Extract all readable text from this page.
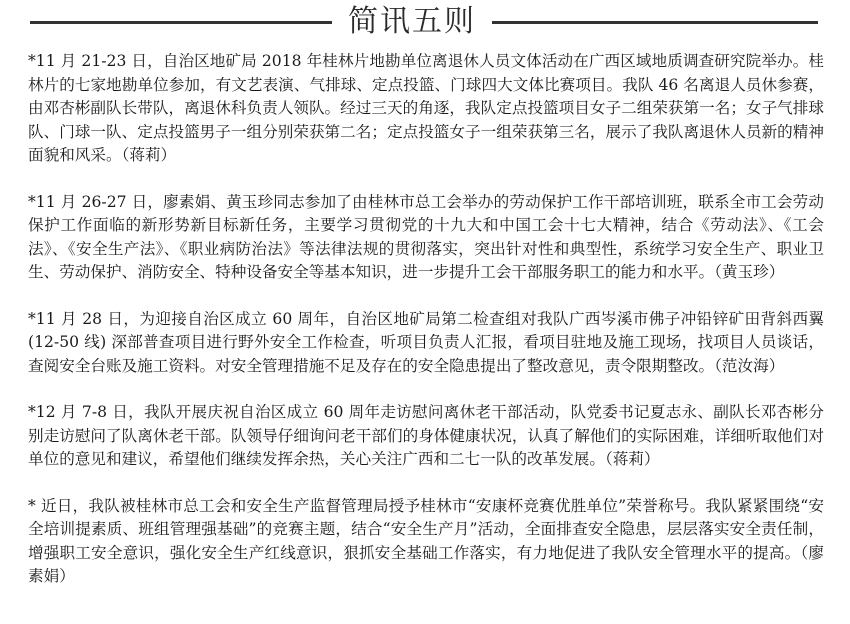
简讯五则

*11 月 21-23 日，自治区地矿局 2018 年桂林片地勘单位离退休人员文体活动在广西区域地质调查研究院举办。桂林片的七家地勘单位参加，有文艺表演、气排球、定点投篮、门球四大文体比赛项目。我队 46 名离退人员休参赛，由邓杏彬副队长带队，离退休科负责人领队。经过三天的角逐，我队定点投篮项目女子二组荣获第一名；女子气排球队、门球一队、定点投篮男子一组分别荣获第二名；定点投篮女子一组荣获第三名，展示了我队离退休人员新的精神面貌和风采。（蒋莉）

*11 月 26-27 日，廖素娟、黄玉珍同志参加了由桂林市总工会举办的劳动保护工作干部培训班，联系全市工会劳动保护工作面临的新形势新目标新任务，主要学习贯彻党的十九大和中国工会十七大精神，结合《劳动法》、《工会法》、《安全生产法》、《职业病防治法》等法律法规的贯彻落实，突出针对性和典型性，系统学习安全生产、职业卫生、劳动保护、消防安全、特种设备安全等基本知识，进一步提升工会干部服务职工的能力和水平。（黄玉珍）

*11 月 28 日，为迎接自治区成立 60 周年，自治区地矿局第二检查组对我队广西岑溪市佛子冲铅锌矿田背斜西翼 (12-50 线) 深部普查项目进行野外安全工作检查，听项目负责人汇报，看项目驻地及施工现场，找项目人员谈话，查阅安全台账及施工资料。对安全管理措施不足及存在的安全隐患提出了整改意见，责令限期整改。（范汝海）

*12 月 7-8 日，我队开展庆祝自治区成立 60 周年走访慰问离休老干部活动，队党委书记夏志永、副队长邓杏彬分别走访慰问了队离休老干部。队领导仔细询问老干部们的身体健康状况，认真了解他们的实际困难，详细听取他们对单位的意见和建议，希望他们继续发挥余热，关心关注广西和二七一队的改革发展。（蒋莉）

* 近日，我队被桂林市总工会和安全生产监督管理局授予桂林市“安康杯竞赛优胜单位”荣誉称号。我队紧紧围绕“安全培训提素质、班组管理强基础”的竞赛主题，结合“安全生产月”活动，全面排查安全隐患，层层落实安全责任制，增强职工安全意识，强化安全生产红线意识，狠抓安全基础工作落实，有力地促进了我队安全管理水平的提高。（廖素娟）
